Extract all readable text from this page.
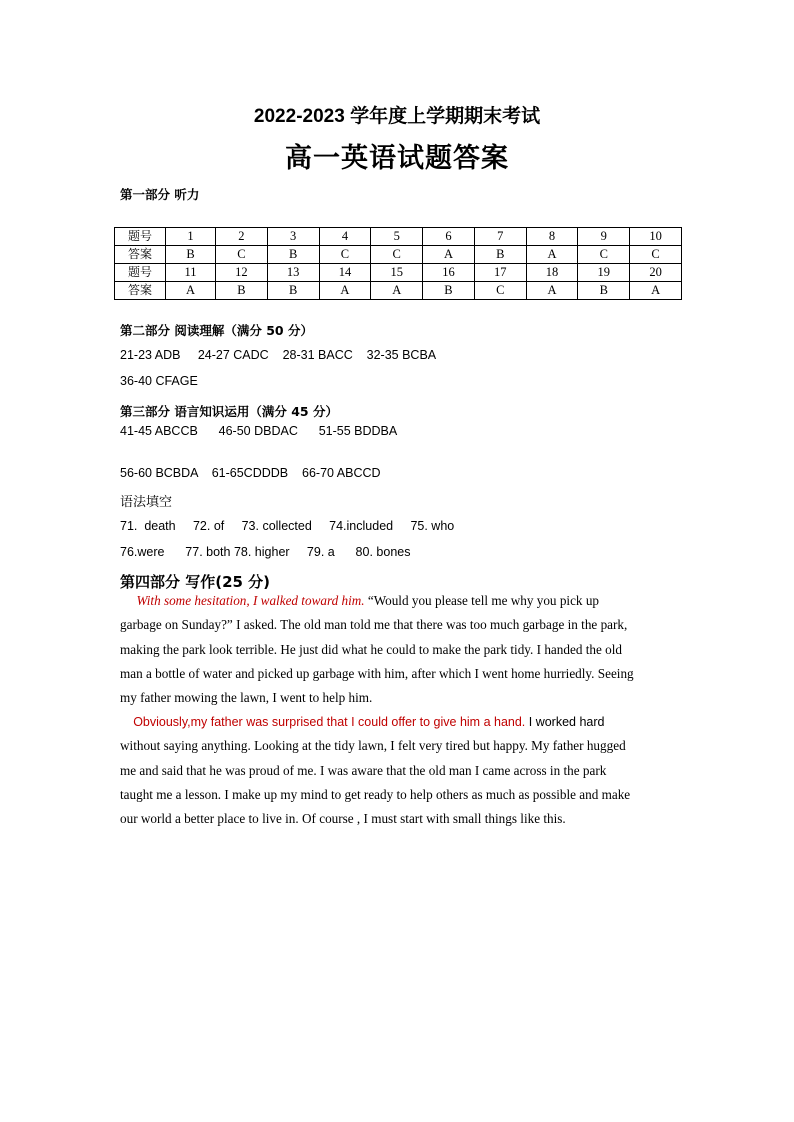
2022-2023 学年度上学期期末考试
高一英语试题答案
第一部分 听力
题号	1	2	3	4	5	6	7	8	9	10
答案	B	C	B	C	C	A	B	A	C	C
题号	11	12	13	14	15	16	17	18	19	20
答案	A	B	B	A	A	B	C	A	B	A
第二部分 阅读理解（满分 50 分）
21-23 ADB     24-27 CADC    28-31 BACC    32-35 BCBA
36-40 CFAGE
第三部分 语言知识运用（满分 45 分）
41-45 ABCCB      46-50 DBDAC      51-55 BDDBA
56-60 BCBDA    61-65CDDDB    66-70 ABCCD
语法填空
71.  death     72. of     73. collected     74.included     75. who
76.were      77. both 78. higher     79. a      80. bones
第四部分 写作(25 分)
With some hesitation, I walked toward him. “Would you please tell me why you pick up
garbage on Sunday?” I asked. The old man told me that there was too much garbage in the park,
making the park look terrible. He just did what he could to make the park tidy. I handed the old
man a bottle of water and picked up garbage with him, after which I went home hurriedly. Seeing
my father mowing the lawn, I went to help him.
Obviously,my father was surprised that I could offer to give him a hand. I worked hard
without saying anything. Looking at the tidy lawn, I felt very tired but happy. My father hugged
me and said that he was proud of me. I was aware that the old man I came across in the park
taught me a lesson. I make up my mind to get ready to help others as much as possible and make
our world a better place to live in. Of course , I must start with small things like this.
